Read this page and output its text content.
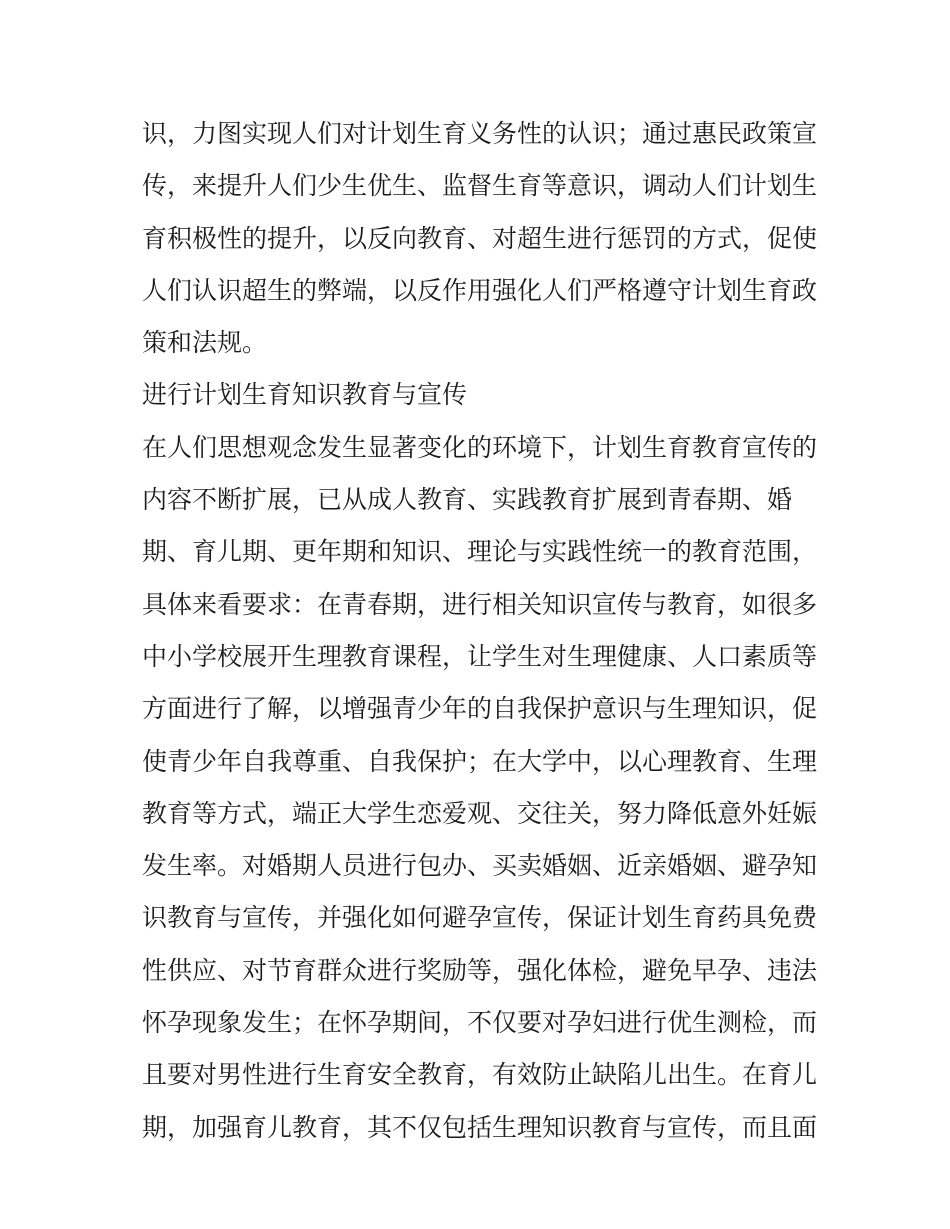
识，力图实现人们对计划生育义务性的认识；通过惠民政策宣
传，来提升人们少生优生、监督生育等意识，调动人们计划生
育积极性的提升，以反向教育、对超生进行惩罚的方式，促使
人们认识超生的弊端，以反作用强化人们严格遵守计划生育政
策和法规。
进行计划生育知识教育与宣传
在人们思想观念发生显著变化的环境下，计划生育教育宣传的
内容不断扩展，已从成人教育、实践教育扩展到青春期、婚
期、育儿期、更年期和知识、理论与实践性统一的教育范围，
具体来看要求：在青春期，进行相关知识宣传与教育，如很多
中小学校展开生理教育课程，让学生对生理健康、人口素质等
方面进行了解，以增强青少年的自我保护意识与生理知识，促
使青少年自我尊重、自我保护；在大学中，以心理教育、生理
教育等方式，端正大学生恋爱观、交往关，努力降低意外妊娠
发生率。对婚期人员进行包办、买卖婚姻、近亲婚姻、避孕知
识教育与宣传，并强化如何避孕宣传，保证计划生育药具免费
性供应、对节育群众进行奖励等，强化体检，避免早孕、违法
怀孕现象发生；在怀孕期间，不仅要对孕妇进行优生测检，而
且要对男性进行生育安全教育，有效防止缺陷儿出生。在育儿
期，加强育儿教育，其不仅包括生理知识教育与宣传，而且面
